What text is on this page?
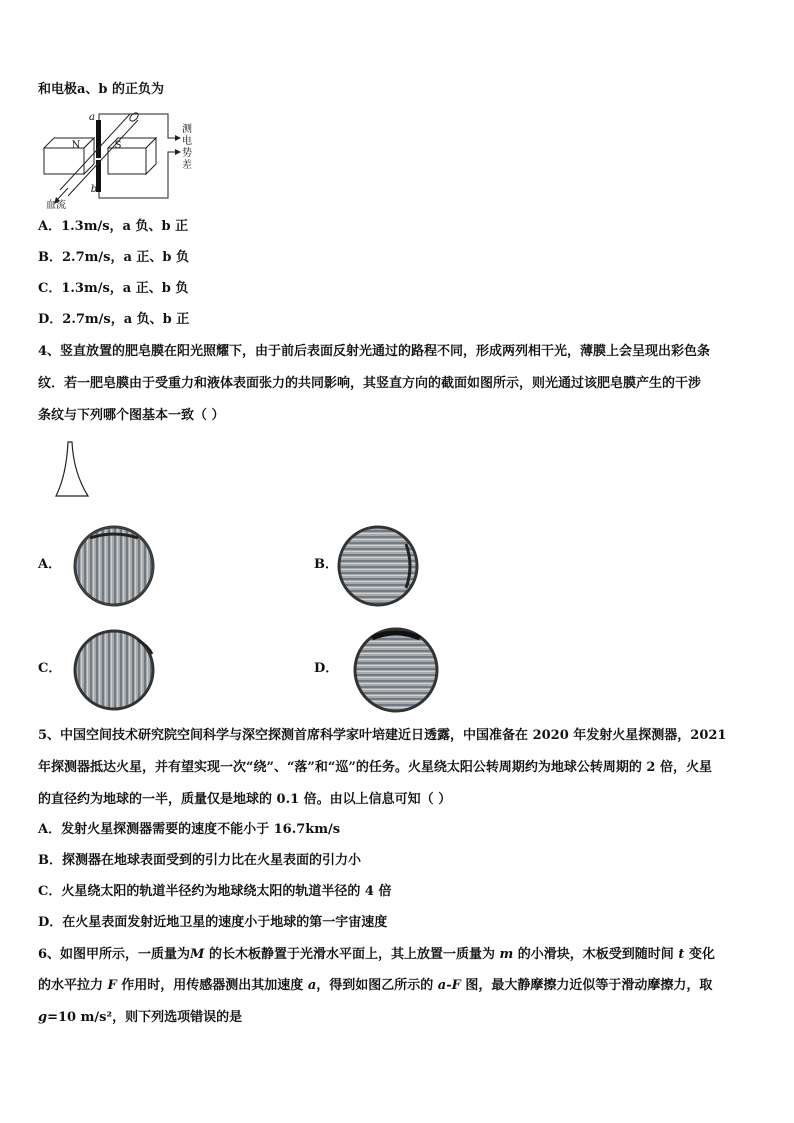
和电极a、b 的正负为
a
b
N	S
血流
测
电
势
差
A．1.3m/s，a 负、b 正
B．2.7m/s，a 正、b 负
C．1.3m/s，a 正、b 负
D．2.7m/s，a 负、b 正
4、竖直放置的肥皂膜在阳光照耀下，由于前后表面反射光通过的路程不同，形成两列相干光，薄膜上会呈现出彩色条
纹．若一肥皂膜由于受重力和液体表面张力的共同影响，其竖直方向的截面如图所示，则光通过该肥皂膜产生的干涉
条纹与下列哪个图基本一致（ ）
A．	B．
C．	D．
5、中国空间技术研究院空间科学与深空探测首席科学家叶培建近日透露，中国准备在 2020 年发射火星探测器，2021
年探测器抵达火星，并有望实现一次“绕”、“落”和“巡”的任务。火星绕太阳公转周期约为地球公转周期的 2 倍，火星
的直径约为地球的一半，质量仅是地球的 0.1 倍。由以上信息可知（ ）
A．发射火星探测器需要的速度不能小于 16.7km/s
B．探测器在地球表面受到的引力比在火星表面的引力小
C．火星绕太阳的轨道半径约为地球绕太阳的轨道半径的 4 倍
D．在火星表面发射近地卫星的速度小于地球的第一宇宙速度
6、如图甲所示，一质量为M 的长木板静置于光滑水平面上，其上放置一质量为 m 的小滑块，木板受到随时间 t 变化
的水平拉力 F 作用时，用传感器测出其加速度 a，得到如图乙所示的 a-F 图，最大静摩擦力近似等于滑动摩擦力，取
g=10 m/s²，则下列选项错误的是
